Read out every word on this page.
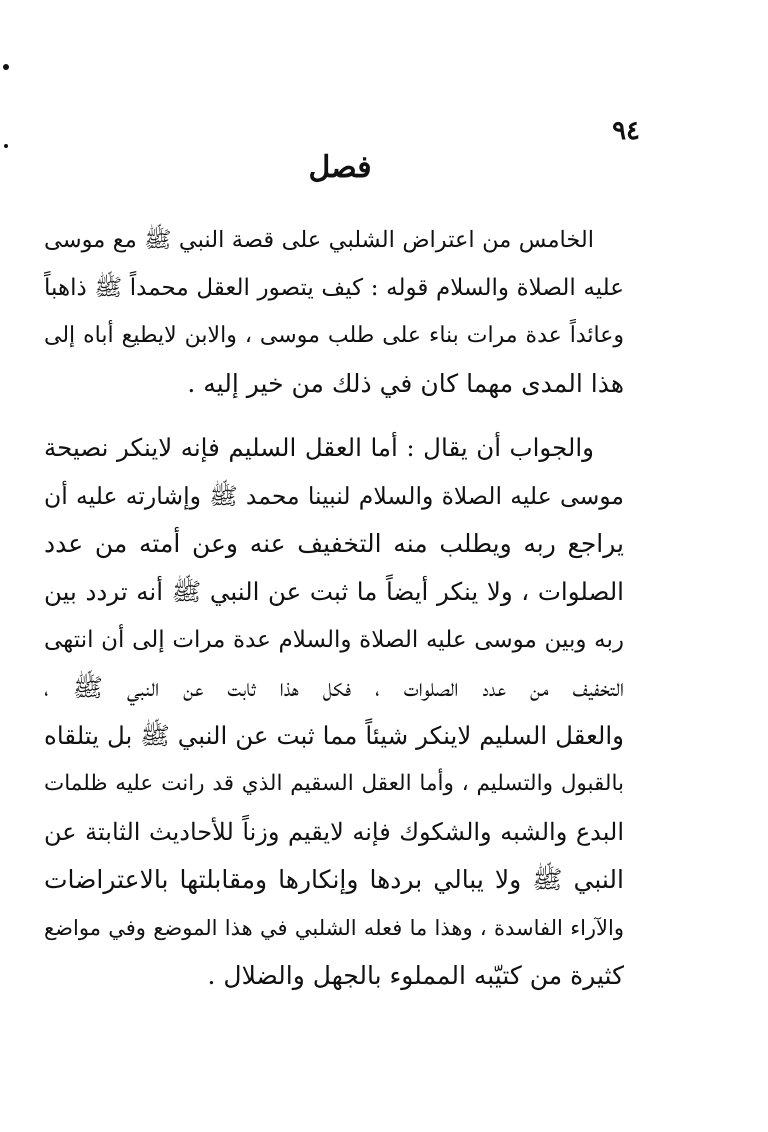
٩٤
فصل
الخامس من اعتراض الشلبي على قصة النبي ﷺ مع موسى
عليه الصلاة والسلام قوله : كيف يتصور العقل محمداً ﷺ ذاهباً
وعائداً عدة مرات بناء على طلب موسى ، والابن لايطيع أباه إلى
هذا المدى مهما كان في ذلك من خير إليه .
والجواب أن يقال : أما العقل السليم فإنه لاينكر نصيحة
موسى عليه الصلاة والسلام لنبينا محمد ﷺ وإشارته عليه أن
يراجع ربه ويطلب منه التخفيف عنه وعن أمته من عدد
الصلوات ، ولا ينكر أيضاً ما ثبت عن النبي ﷺ أنه تردد بين
ربه وبين موسى عليه الصلاة والسلام عدة مرات إلى أن انتهى
التخفيف من عدد الصلوات ، فكل هذا ثابت عن النبي ﷺ ،
والعقل السليم لاينكر شيئاً مما ثبت عن النبي ﷺ بل يتلقاه
بالقبول والتسليم ، وأما العقل السقيم الذي قد رانت عليه ظلمات
البدع والشبه والشكوك فإنه لايقيم وزناً للأحاديث الثابتة عن
النبي ﷺ ولا يبالي بردها وإنكارها ومقابلتها بالاعتراضات
والآراء الفاسدة ، وهذا ما فعله الشلبي في هذا الموضع وفي مواضع
كثيرة من كتيّبه المملوء بالجهل والضلال .
